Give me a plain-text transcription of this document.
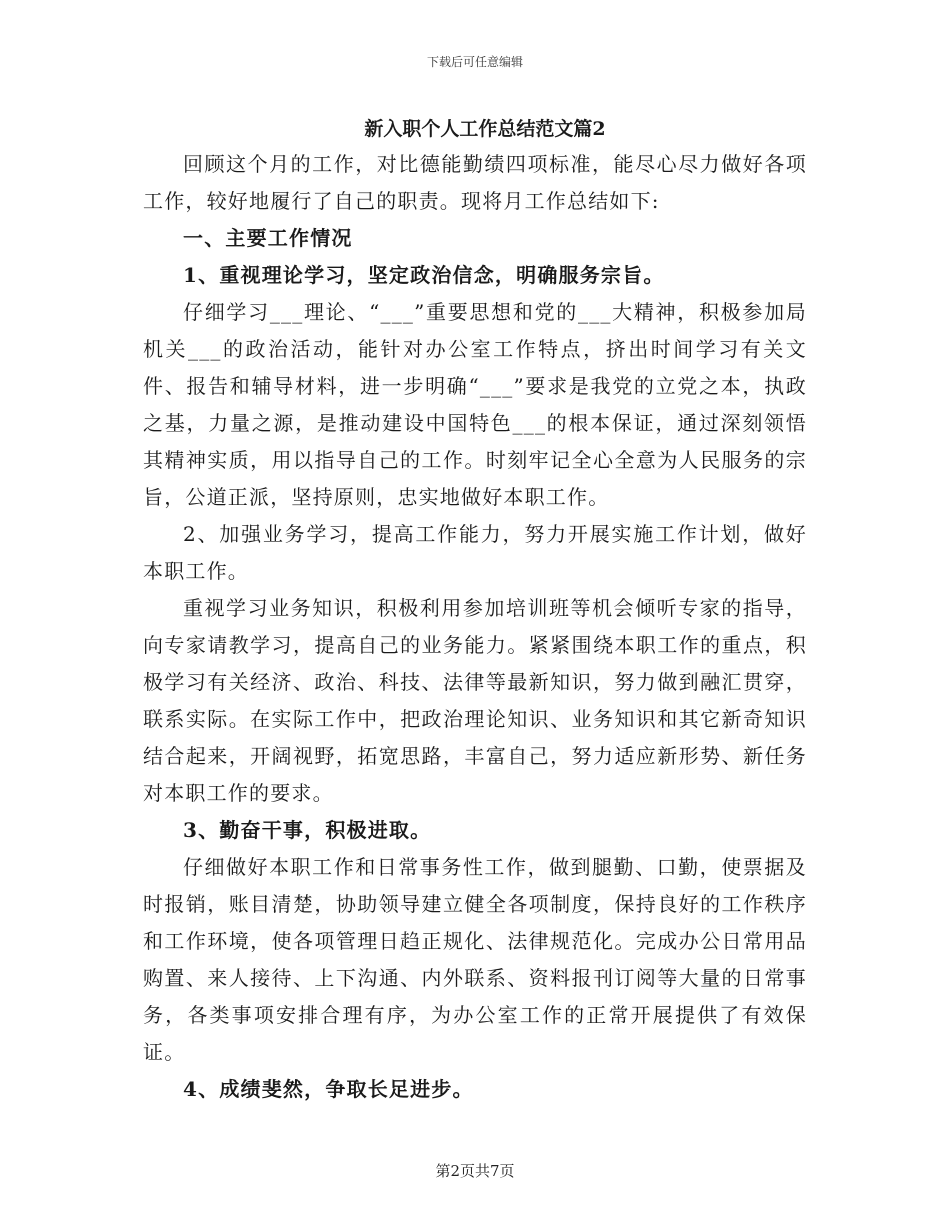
下载后可任意编辑
新入职个人工作总结范文篇2

回顾这个月的工作，对比德能勤绩四项标准，能尽心尽力做好各项工作，较好地履行了自己的职责。现将月工作总结如下:

一、主要工作情况

1、重视理论学习，坚定政治信念，明确服务宗旨。

仔细学习___理论、“___”重要思想和党的___大精神，积极参加局机关___的政治活动，能针对办公室工作特点，挤出时间学习有关文件、报告和辅导材料，进一步明确“___”要求是我党的立党之本，执政之基，力量之源，是推动建设中国特色___的根本保证，通过深刻领悟其精神实质，用以指导自己的工作。时刻牢记全心全意为人民服务的宗旨，公道正派，坚持原则，忠实地做好本职工作。

2、加强业务学习，提高工作能力，努力开展实施工作计划，做好本职工作。

重视学习业务知识，积极利用参加培训班等机会倾听专家的指导，向专家请教学习，提高自己的业务能力。紧紧围绕本职工作的重点，积极学习有关经济、政治、科技、法律等最新知识，努力做到融汇贯穿，联系实际。在实际工作中，把政治理论知识、业务知识和其它新奇知识结合起来，开阔视野，拓宽思路，丰富自己，努力适应新形势、新任务对本职工作的要求。

3、勤奋干事，积极进取。

仔细做好本职工作和日常事务性工作，做到腿勤、口勤，使票据及时报销，账目清楚，协助领导建立健全各项制度，保持良好的工作秩序和工作环境，使各项管理日趋正规化、法律规范化。完成办公日常用品购置、来人接待、上下沟通、内外联系、资料报刊订阅等大量的日常事务，各类事项安排合理有序，为办公室工作的正常开展提供了有效保证。

4、成绩斐然，争取长足进步。

第2页共7页
